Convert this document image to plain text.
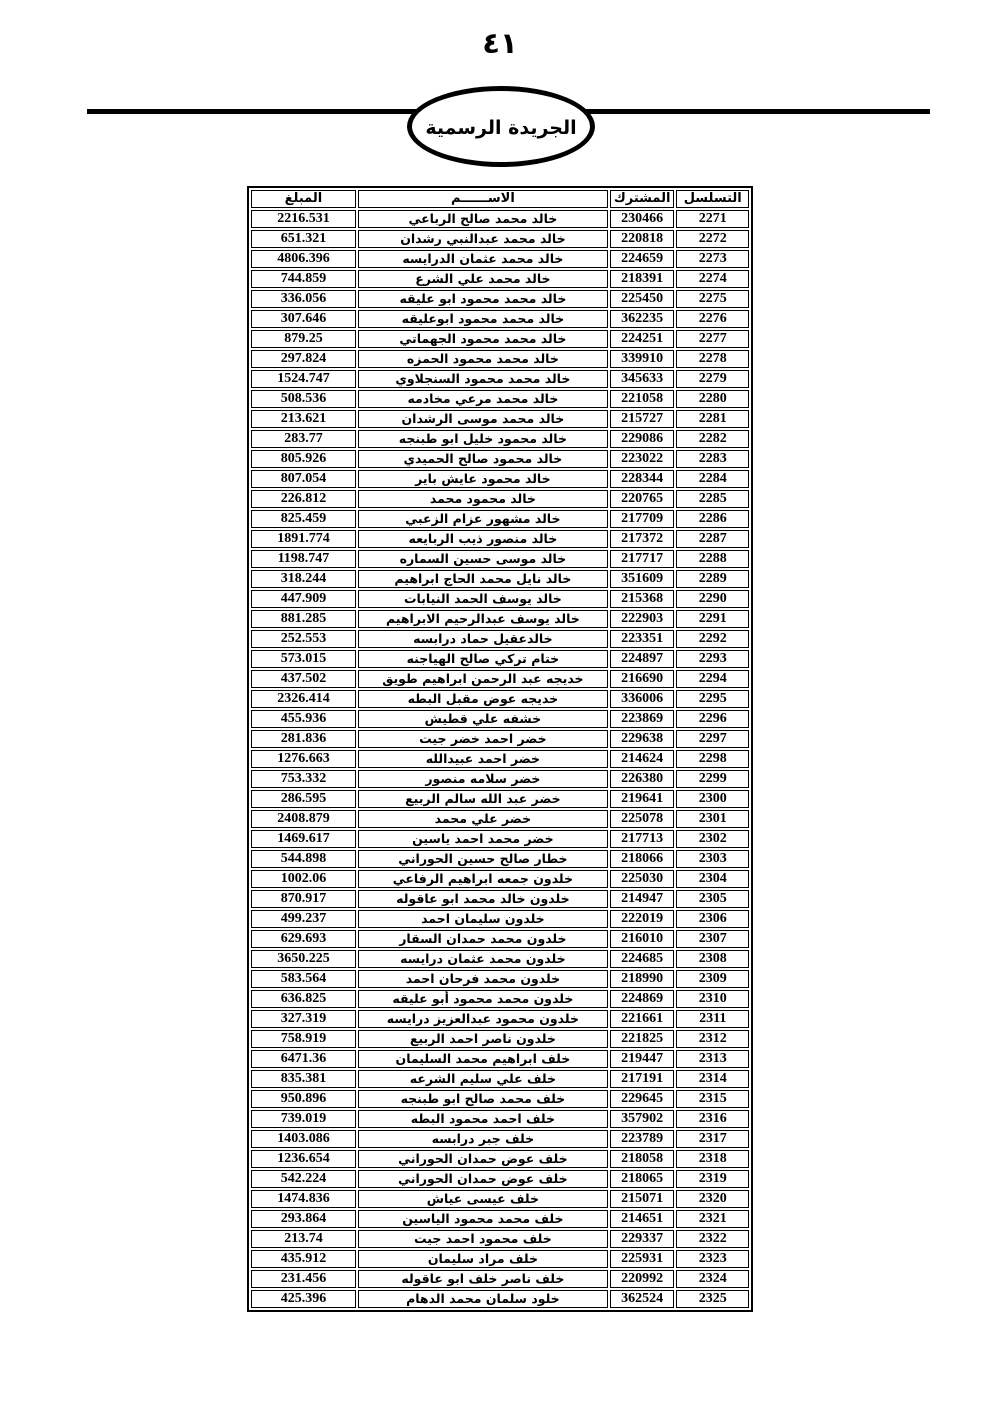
٤١
الجريدة الرسمية
التسلسل	المشترك	الاســــــم	المبلغ
2271	230466	خالد محمد صالح الرباعي	2216.531
2272	220818	خالد محمد عبدالنبي رشدان	651.321
2273	224659	خالد محمد عثمان الدرايسه	4806.396
2274	218391	خالد محمد علي الشرع	744.859
2275	225450	خالد محمد محمود ابو عليقه	336.056
2276	362235	خالد محمد محمود ابوعليقه	307.646
2277	224251	خالد محمد محمود الجهماتي	879.25
2278	339910	خالد محمد محمود الحمزه	297.824
2279	345633	خالد محمد محمود السنجلاوي	1524.747
2280	221058	خالد محمد مرعي مخادمه	508.536
2281	215727	خالد محمد موسى الرشدان	213.621
2282	229086	خالد محمود خليل ابو طبنجه	283.77
2283	223022	خالد محمود صالح الحميدي	805.926
2284	228344	خالد محمود عايش باير	807.054
2285	220765	خالد محمود محمد	226.812
2286	217709	خالد مشهور عزام الزعبي	825.459
2287	217372	خالد منصور ذيب الربايعه	1891.774
2288	217717	خالد موسى حسين السماره	1198.747
2289	351609	خالد نايل محمد الحاج ابراهيم	318.244
2290	215368	خالد يوسف الحمد النيابات	447.909
2291	222903	خالد يوسف عبدالرحيم الابراهيم	881.285
2292	223351	خالدعقيل حماد درابسه	252.553
2293	224897	ختام تركي صالح الهياجنه	573.015
2294	216690	خديجه عبد الرحمن ابراهيم طويق	437.502
2295	336006	خديجه عوض مقبل البطه	2326.414
2296	223869	خشفه علي قطيش	455.936
2297	229638	خضر احمد خضر جيت	281.836
2298	214624	خضر احمد عبيدالله	1276.663
2299	226380	خضر سلامه منصور	753.332
2300	219641	خضر عبد الله سالم الربيع	286.595
2301	225078	خضر علي محمد	2408.879
2302	217713	خضر محمد احمد ياسين	1469.617
2303	218066	خطار صالح حسين الحوراني	544.898
2304	225030	خلدون جمعه ابراهيم الرفاعي	1002.06
2305	214947	خلدون خالد محمد ابو عاقوله	870.917
2306	222019	خلدون سليمان احمد	499.237
2307	216010	خلدون محمد حمدان السقار	629.693
2308	224685	خلدون محمد عثمان درايسه	3650.225
2309	218990	خلدون محمد فرحان احمد	583.564
2310	224869	خلدون محمد محمود أبو عليقه	636.825
2311	221661	خلدون محمود عبدالعزيز درايسه	327.319
2312	221825	خلدون ناصر احمد الربيع	758.919
2313	219447	خلف ابراهيم محمد السليمان	6471.36
2314	217191	خلف علي سليم الشرعه	835.381
2315	229645	خلف محمد صالح ابو طبنجه	950.896
2316	357902	خلف احمد محمود البطه	739.019
2317	223789	خلف جبر درابسه	1403.086
2318	218058	خلف عوض حمدان الحوراني	1236.654
2319	218065	خلف عوض حمدان الحوراني	542.224
2320	215071	خلف عيسى عياش	1474.836
2321	214651	خلف محمد محمود الياسين	293.864
2322	229337	خلف محمود احمد جيت	213.74
2323	225931	خلف مراد سليمان	435.912
2324	220992	خلف ناصر خلف ابو عاقوله	231.456
2325	362524	خلود سلمان محمد الدهام	425.396
